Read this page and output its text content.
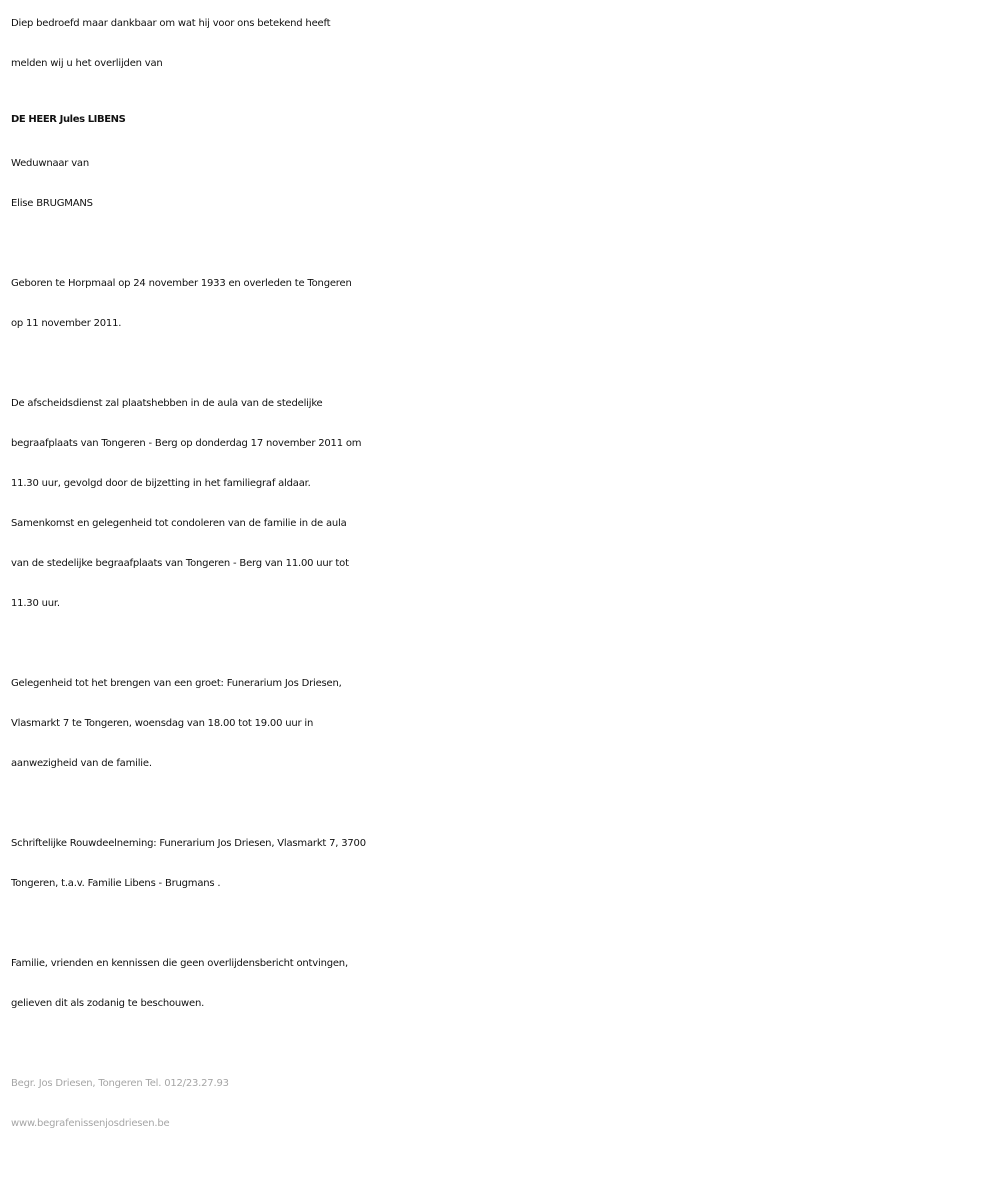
Diep bedroefd maar dankbaar om wat hij voor ons betekend heeft
melden wij u het overlijden van
DE HEER Jules LIBENS
Weduwnaar van
Elise BRUGMANS
Geboren te Horpmaal op 24 november 1933 en overleden te Tongeren
op 11 november 2011.
De afscheidsdienst zal plaatshebben in de aula van de stedelijke
begraafplaats van Tongeren - Berg op donderdag 17 november 2011 om
11.30 uur, gevolgd door de bijzetting in het familiegraf aldaar.
Samenkomst en gelegenheid tot condoleren van de familie in de aula
van de stedelijke begraafplaats van Tongeren - Berg van 11.00 uur tot
11.30 uur.
Gelegenheid tot het brengen van een groet: Funerarium Jos Driesen,
Vlasmarkt 7 te Tongeren, woensdag van 18.00 tot 19.00 uur in
aanwezigheid van de familie.
Schriftelijke Rouwdeelneming: Funerarium Jos Driesen, Vlasmarkt 7, 3700
Tongeren, t.a.v. Familie Libens - Brugmans .
Familie, vrienden en kennissen die geen overlijdensbericht ontvingen,
gelieven dit als zodanig te beschouwen.
Begr. Jos Driesen, Tongeren Tel. 012/23.27.93
www.begrafenissenjosdriesen.be
